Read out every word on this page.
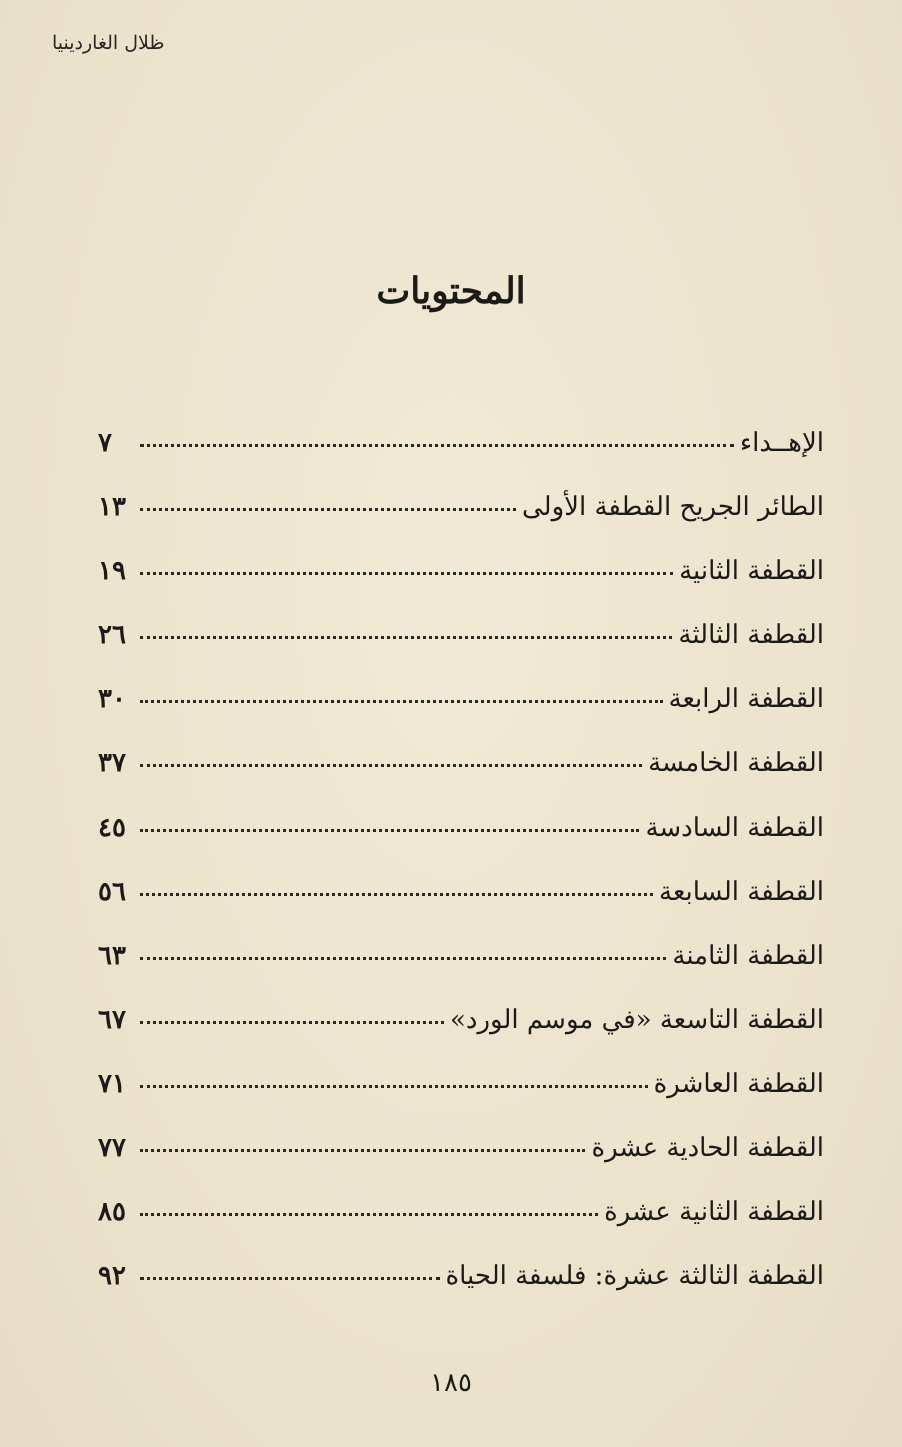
ظلال الغاردينيا
المحتويات
الإهــداء
٧
الطائر الجريح القطفة الأولى
١٣
القطفة الثانية
١٩
القطفة الثالثة
٢٦
القطفة الرابعة
٣٠
القطفة الخامسة
٣٧
القطفة السادسة
٤٥
القطفة السابعة
٥٦
القطفة الثامنة
٦٣
القطفة التاسعة «في موسم الورد»
٦٧
القطفة العاشرة
٧١
القطفة الحادية عشرة
٧٧
القطفة الثانية عشرة
٨٥
القطفة الثالثة عشرة: فلسفة الحياة
٩٢
١٨٥
